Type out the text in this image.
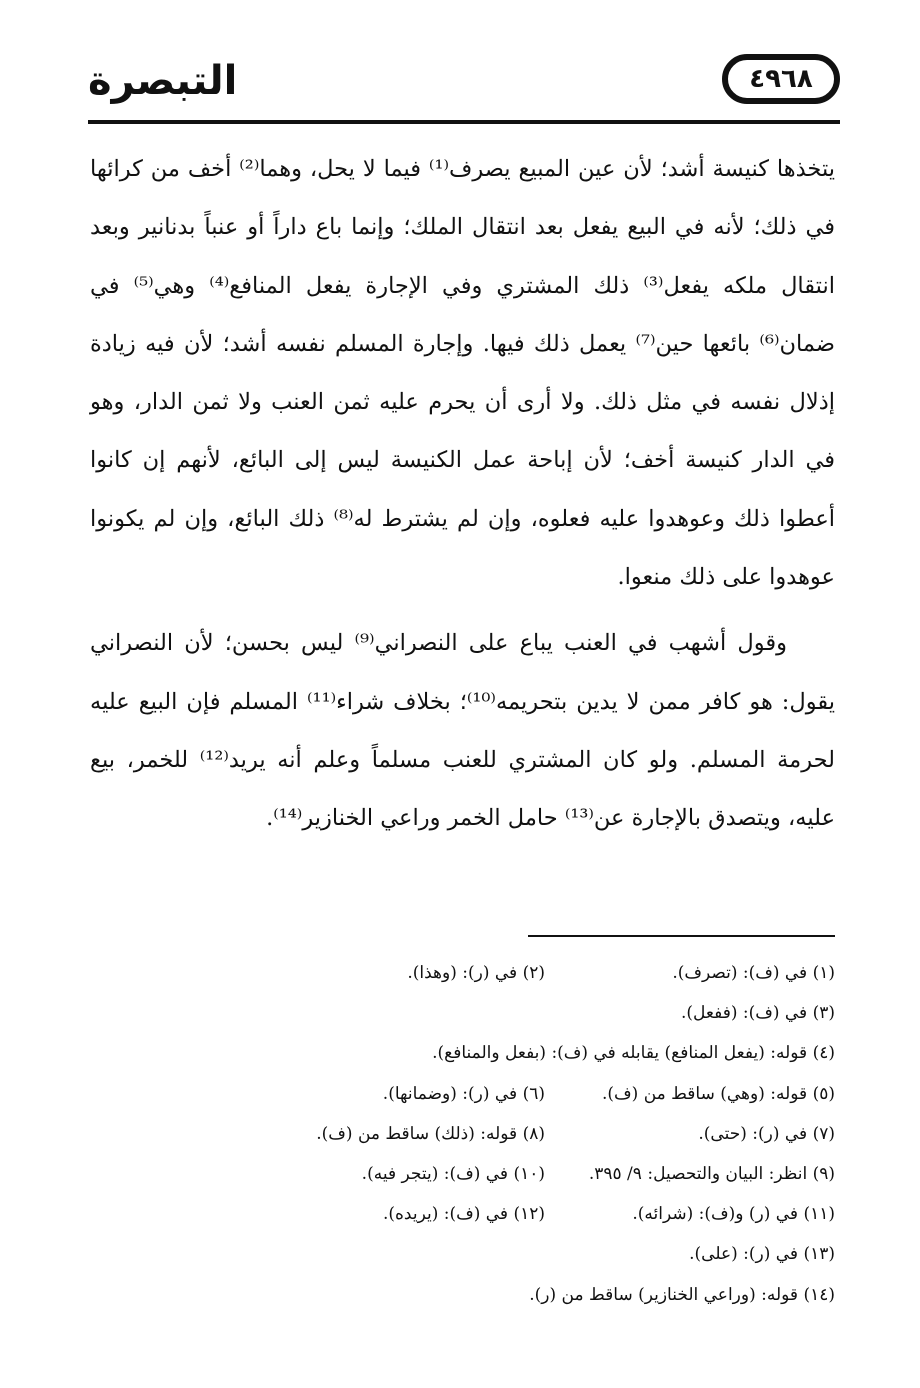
التبصرة	٤٩٦٨

يتخذها كنيسة أشد؛ لأن عين المبيع يصرف⁽¹⁾ فيما لا يحل، وهما⁽²⁾ أخف من كرائها في ذلك؛ لأنه في البيع يفعل بعد انتقال الملك؛ وإنما باع داراً أو عنباً بدنانير وبعد انتقال ملكه يفعل⁽³⁾ ذلك المشتري وفي الإجارة يفعل المنافع⁽⁴⁾ وهي⁽⁵⁾ في ضمان⁽⁶⁾ بائعها حين⁽⁷⁾ يعمل ذلك فيها. وإجارة المسلم نفسه أشد؛ لأن فيه زيادة إذلال نفسه في مثل ذلك. ولا أرى أن يحرم عليه ثمن العنب ولا ثمن الدار، وهو في الدار كنيسة أخف؛ لأن إباحة عمل الكنيسة ليس إلى البائع، لأنهم إن كانوا أعطوا ذلك وعوهدوا عليه فعلوه، وإن لم يشترط له⁽⁸⁾ ذلك البائع، وإن لم يكونوا عوهدوا على ذلك منعوا.

وقول أشهب في العنب يباع على النصراني⁽⁹⁾ ليس بحسن؛ لأن النصراني يقول: هو كافر ممن لا يدين بتحريمه⁽¹⁰⁾؛ بخلاف شراء⁽¹¹⁾ المسلم فإن البيع عليه لحرمة المسلم. ولو كان المشتري للعنب مسلماً وعلم أنه يريد⁽¹²⁾ للخمر، بيع عليه، ويتصدق بالإجارة عن⁽¹³⁾ حامل الخمر وراعي الخنازير⁽¹⁴⁾.

(١) في (ف): (تصرف).
(٢) في (ر): (وهذا).
(٣) في (ف): (ففعل).
(٤) قوله: (يفعل المنافع) يقابله في (ف): (بفعل والمنافع).
(٥) قوله: (وهي) ساقط من (ف).
(٦) في (ر): (وضمانها).
(٧) في (ر): (حتى).
(٨) قوله: (ذلك) ساقط من (ف).
(٩) انظر: البيان والتحصيل: ٩/ ٣٩٥.
(١٠) في (ف): (يتجر فيه).
(١١) في (ر) و(ف): (شرائه).
(١٢) في (ف): (يريده).
(١٣) في (ر): (على).
(١٤) قوله: (وراعي الخنازير) ساقط من (ر).
